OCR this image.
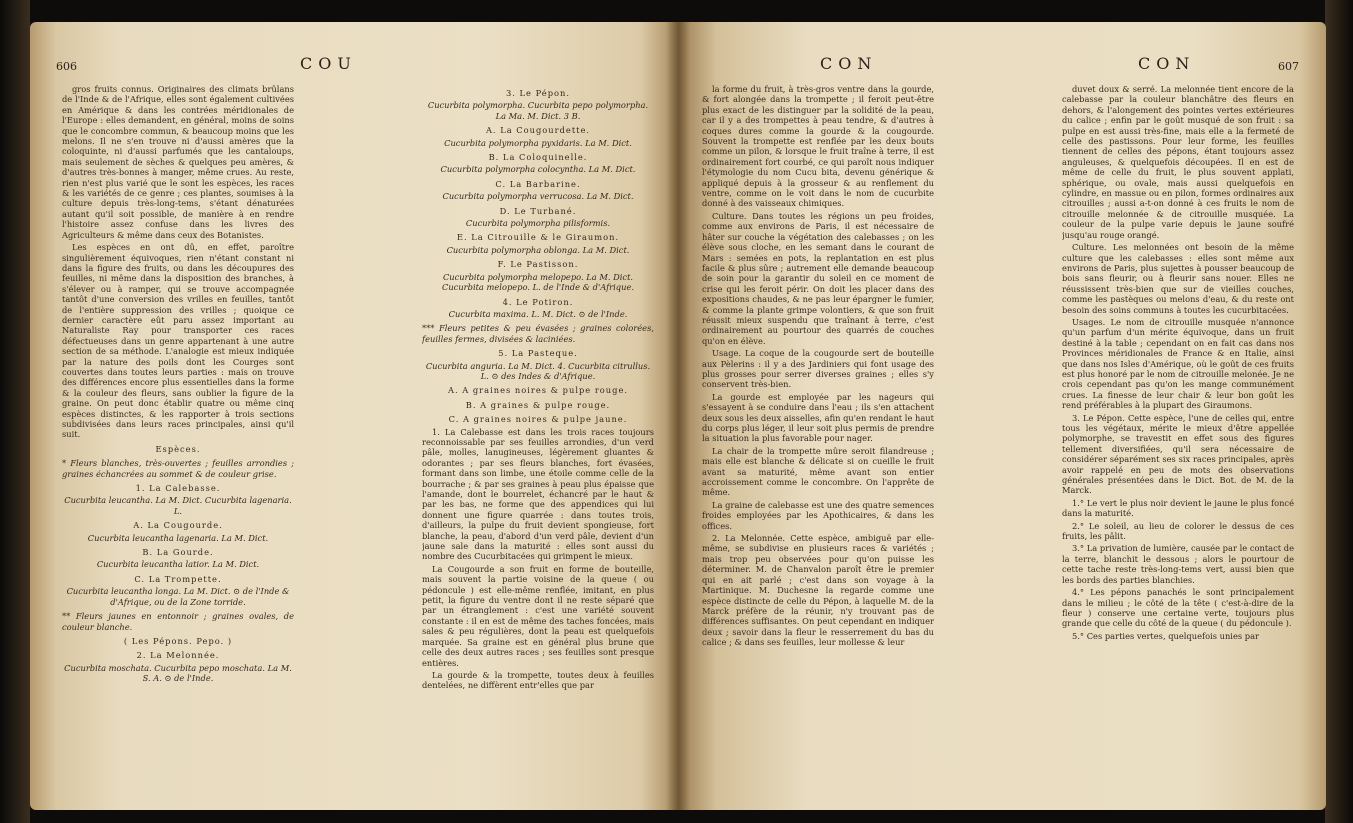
606	COU

gros fruits connus. Originaires des climats brûlans de l'Inde & de l'Afrique, elles sont également cultivées en Amérique & dans les contrées méridionales de l'Europe : elles demandent, en général, moins de soins que le concombre commun, & beaucoup moins que les melons. Il ne s'en trouve ni d'aussi amères que la coloquinte, ni d'aussi parfumés que les cantaloups, mais seulement de sèches & quelques peu amères, & d'autres très-bonnes à manger, même crues. Au reste, rien n'est plus varié que le sont les espèces, les races & les variétés de ce genre ; ces plantes, soumises à la culture depuis très-long-tems, s'étant dénaturées autant qu'il soit possible, de manière à en rendre l'histoire assez confuse dans les livres des Agriculteurs & même dans ceux des Botanistes.

Les espèces en ont dû, en effet, paroître singulièrement équivoques, rien n'étant constant ni dans la figure des fruits, ou dans les découpures des feuilles, ni même dans la disposition des branches, à s'élever ou à ramper, qui se trouve accompagnée tantôt d'une conversion des vrilles en feuilles, tantôt de l'entière suppression des vrilles ; quoique ce dernier caractère eût paru assez important au Naturaliste Ray pour transporter ces races défectueuses dans un genre appartenant à une autre section de sa méthode. L'analogie est mieux indiquée par la nature des poils dont les Courges sont couvertes dans toutes leurs parties : mais on trouve des différences encore plus essentielles dans la forme & la couleur des fleurs, sans oublier la figure de la graine. On peut donc établir quatre ou même cinq espèces distinctes, & les rapporter à trois sections subdivisées dans leurs races principales, ainsi qu'il suit.

Espèces.

* Fleurs blanches, très-ouvertes ; feuilles arrondies ; graines échancrées au sommet & de couleur grise.

1. La Calebasse.

Cucurbita leucantha. La M. Dict. Cucurbita lagenaria. L.

A. La Cougourde.

Cucurbita leucantha lagenaria. La M. Dict.

B. La Gourde.

Cucurbita leucantha latior. La M. Dict.

C. La Trompette.

Cucurbita leucantha longa. La M. Dict. ⊙ de l'Inde & d'Afrique, ou de la Zone torride.

** Fleurs jaunes en entonnoir ; graines ovales, de couleur blanche.

( Les Pépons. Pepo. )

2. La Melonnée.

Cucurbita moschata. Cucurbita pepo moschata. La M. S. A. ⊙ de l'Inde.

3. Le Pépon.

Cucurbita polymorpha. Cucurbita pepo polymorpha. La Ma. M. Dict. 3 B.

A. La Cougourdette.

Cucurbita polymorpha pyxidaris. La M. Dict.

B. La Coloquinelle.

Cucurbita polymorpha colocyntha. La M. Dict.

C. La Barbarine.

Cucurbita polymorpha verrucosa. La M. Dict.

D. Le Turbané.

Cucurbita polymorpha pilisformis.

E. La Citrouille & le Giraumon.

Cucurbita polymorpha oblonga. La M. Dict.

F. Le Pastisson.

Cucurbita polymorpha melopepo. La M. Dict. Cucurbita melopepo. L. de l'Inde & d'Afrique.

4. Le Potiron.

Cucurbita maxima. L. M. Dict. ⊙ de l'Inde.

*** Fleurs petites & peu évasées ; graines colorées, feuilles fermes, divisées & laciniées.

5. La Pasteque.

Cucurbita anguria. La M. Dict. 4. Cucurbita citrullus. L. ⊙ des Indes & d'Afrique.

A. A graines noires & pulpe rouge.

B. A graines & pulpe rouge.

C. A graines noires & pulpe jaune.

1. La Calebasse est dans les trois races toujours reconnoissable par ses feuilles arrondies, d'un verd pâle, molles, lanugineuses, légèrement gluantes & odorantes ; par ses fleurs blanches, fort évasées, formant dans son limbe, une étoile comme celle de la bourrache ; & par ses graines à peau plus épaisse que l'amande, dont le bourrelet, échancré par le haut & par les bas, ne forme que des appendices qui lui donnent une figure quarrée : dans toutes trois, d'ailleurs, la pulpe du fruit devient spongieuse, fort blanche, la peau, d'abord d'un verd pâle, devient d'un jaune sale dans la maturité : elles sont aussi du nombre des Cucurbitacées qui grimpent le mieux.

La Cougourde a son fruit en forme de bouteille, mais souvent la partie voisine de la queue ( ou pédoncule ) est elle-même renflée, imitant, en plus petit, la figure du ventre dont il ne reste séparé que par un étranglement : c'est une variété souvent constante : il en est de même des taches foncées, mais sales & peu régulières, dont la peau est quelquefois marquée. Sa graine est en général plus brune que celle des deux autres races ; ses feuilles sont presque entières.

La gourde & la trompette, toutes deux à feuilles dentelées, ne diffèrent entr'elles que par

CON	CON	607

la forme du fruit, à très-gros ventre dans la gourde, & fort alongée dans la trompette ; il feroit peut-être plus exact de les distinguer par la solidité de la peau, car il y a des trompettes à peau tendre, & d'autres à coques dures comme la gourde & la cougourde. Souvent la trompette est renflée par les deux bouts comme un pilon, & lorsque le fruit traîne à terre, il est ordinairement fort courbé, ce qui paroît nous indiquer l'étymologie du nom Cucu bita, devenu générique & appliqué depuis à la grosseur & au renflement du ventre, comme on le voit dans le nom de cucurbite donné à des vaisseaux chimiques.

Culture. Dans toutes les régions un peu froides, comme aux environs de Paris, il est nécessaire de hâter sur couche la végétation des calebasses ; on les élève sous cloche, en les semant dans le courant de Mars : semées en pots, la replantation en est plus facile & plus sûre ; autrement elle demande beaucoup de soin pour la garantir du soleil en ce moment de crise qui les feroit périr. On doit les placer dans des expositions chaudes, & ne pas leur épargner le fumier, & comme la plante grimpe volontiers, & que son fruit réussit mieux suspendu que traînant à terre, c'est ordinairement au pourtour des quarrés de couches qu'on en élève.

Usage. La coque de la cougourde sert de bouteille aux Pèlerins : il y a des Jardiniers qui font usage des plus grosses pour serrer diverses graines ; elles s'y conservent très-bien.

La gourde est employée par les nageurs qui s'essayent à se conduire dans l'eau ; ils s'en attachent deux sous les deux aisselles, afin qu'en rendant le haut du corps plus léger, il leur soit plus permis de prendre la situation la plus favorable pour nager.

La chair de la trompette mûre seroit filandreuse ; mais elle est blanche & délicate si on cueille le fruit avant sa maturité, même avant son entier accroissement comme le concombre. On l'apprête de même.

La graine de calebasse est une des quatre semences froides employées par les Apothicaires, & dans les offices.

2. La Melonnée. Cette espèce, ambiguë par elle-même, se subdivise en plusieurs races & variétés ; mais trop peu observées pour qu'on puisse les déterminer. M. de Chanvalon paroît être le premier qui en ait parlé ; c'est dans son voyage à la Martinique. M. Duchesne la regarde comme une espèce distincte de celle du Pépon, à laquelle M. de la Marck préfère de la réunir, n'y trouvant pas de différences suffisantes. On peut cependant en indiquer deux ; savoir dans la fleur le resserrement du bas du calice ; & dans ses feuilles, leur mollesse & leur

duvet doux & serré. La melonnée tient encore de la calebasse par la couleur blanchâtre des fleurs en dehors, & l'alongement des pointes vertes extérieures du calice ; enfin par le goût musqué de son fruit : sa pulpe en est aussi très-fine, mais elle a la fermeté de celle des pastissons. Pour leur forme, les feuilles tiennent de celles des pépons, étant toujours assez anguleuses, & quelquefois découpées. Il en est de même de celle du fruit, le plus souvent applati, sphérique, ou ovale, mais aussi quelquefois en cylindre, en massue ou en pilon, formes ordinaires aux citrouilles ; aussi a-t-on donné à ces fruits le nom de citrouille melonnée & de citrouille musquée. La couleur de la pulpe varie depuis le jaune soufré jusqu'au rouge orangé.

Culture. Les melonnées ont besoin de la même culture que les calebasses : elles sont même aux environs de Paris, plus sujettes à pousser beaucoup de bois sans fleurir, ou à fleurir sans nouer. Elles ne réussissent très-bien que sur de vieilles couches, comme les pastèques ou melons d'eau, & du reste ont besoin des soins communs à toutes les cucurbitacées.

Usages. Le nom de citrouille musquée n'annonce qu'un parfum d'un mérite équivoque, dans un fruit destiné à la table ; cependant on en fait cas dans nos Provinces méridionales de France & en Italie, ainsi que dans nos Isles d'Amérique, où le goût de ces fruits est plus honoré par le nom de citrouille melonée. Je ne crois cependant pas qu'on les mange communément crues. La finesse de leur chair & leur bon goût les rend préférables à la plupart des Giraumons.

3. Le Pépon. Cette espèce, l'une de celles qui, entre tous les végétaux, mérite le mieux d'être appellée polymorphe, se travestit en effet sous des figures tellement diversifiées, qu'il sera nécessaire de considérer séparément ses six races principales, après avoir rappelé en peu de mots des observations générales présentées dans le Dict. Bot. de M. de la Marck.

1.° Le vert le plus noir devient le jaune le plus foncé dans la maturité.

2.° Le soleil, au lieu de colorer le dessus de ces fruits, les pâlit.

3.° La privation de lumière, causée par le contact de la terre, blanchit le dessous ; alors le pourtour de cette tache reste très-long-tems vert, aussi bien que les bords des parties blanchies.

4.° Les pépons panachés le sont principalement dans le milieu ; le côté de la tête ( c'est-à-dire de la fleur ) conserve une certaine verte, toujours plus grande que celle du côté de la queue ( du pédoncule ).

5.° Ces parties vertes, quelquefois unies par
